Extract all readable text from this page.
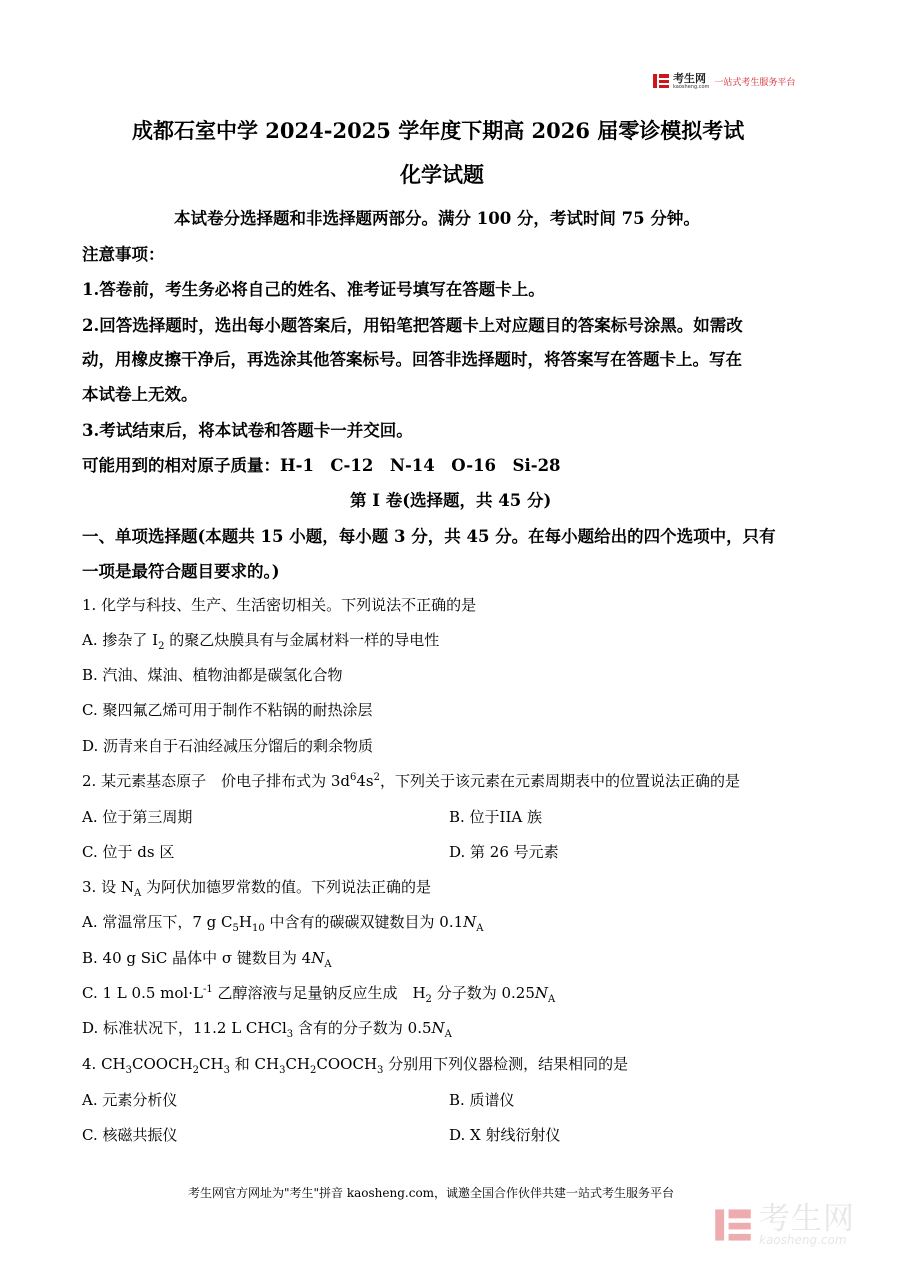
考生网
kaosheng.com 一站式考生服务平台
成都石室中学 2024-2025 学年度下期高 2026 届零诊模拟考试
化学试题
本试卷分选择题和非选择题两部分。满分 100 分，考试时间 75 分钟。
注意事项：
1.答卷前，考生务必将自己的姓名、准考证号填写在答题卡上。
2.回答选择题时，选出每小题答案后，用铅笔把答题卡上对应题目的答案标号涂黑。如需改
动，用橡皮擦干净后，再选涂其他答案标号。回答非选择题时，将答案写在答题卡上。写在
本试卷上无效。
3.考试结束后，将本试卷和答题卡一并交回。
可能用到的相对原子质量：H-1　C-12　N-14　O-16　Si-28
第 I 卷(选择题，共 45 分)
一、单项选择题(本题共 15 小题，每小题 3 分，共 45 分。在每小题给出的四个选项中，只有
一项是最符合题目要求的。)
1. 化学与科技、生产、生活密切相关。下列说法不正确的是
A. 掺杂了 $I_2$ 的聚乙炔膜具有与金属材料一样的导电性
B. 汽油、煤油、植物油都是碳氢化合物
C. 聚四氟乙烯可用于制作不粘锅的耐热涂层
D. 沥青来自于石油经减压分馏后的剩余物质
2. 某元素基态原子　价电子排布式为 $3d^64s^2$，下列关于该元素在元素周期表中的位置说法正确的是
A. 位于第三周期	B. 位于IIA 族
C. 位于 ds 区	D. 第 26 号元素
3. 设 $N_A$ 为阿伏加德罗常数的值。下列说法正确的是
A. 常温常压下，7 g $C_5H_{10}$ 中含有的碳碳双键数目为 $0.1N_A$
B. 40 g SiC 晶体中 σ 键数目为 $4N_A$
C. 1 L 0.5 $mol\cdot L^{-1}$ 乙醇溶液与足量钠反应生成　$H_2$ 分子数为 $0.25N_A$
D. 标准状况下，11.2 L CHCl$_3$ 含有的分子数为 $0.5N_A$
4. $CH_3COOCH_2CH_3$ 和 $CH_3CH_2COOCH_3$ 分别用下列仪器检测，结果相同的是
A. 元素分析仪	B. 质谱仪
C. 核磁共振仪	D. X 射线衍射仪
考生网官方网址为"考生"拼音 kaosheng.com，诚邀全国合作伙伴共建一站式考生服务平台
考生网
kaosheng.com
